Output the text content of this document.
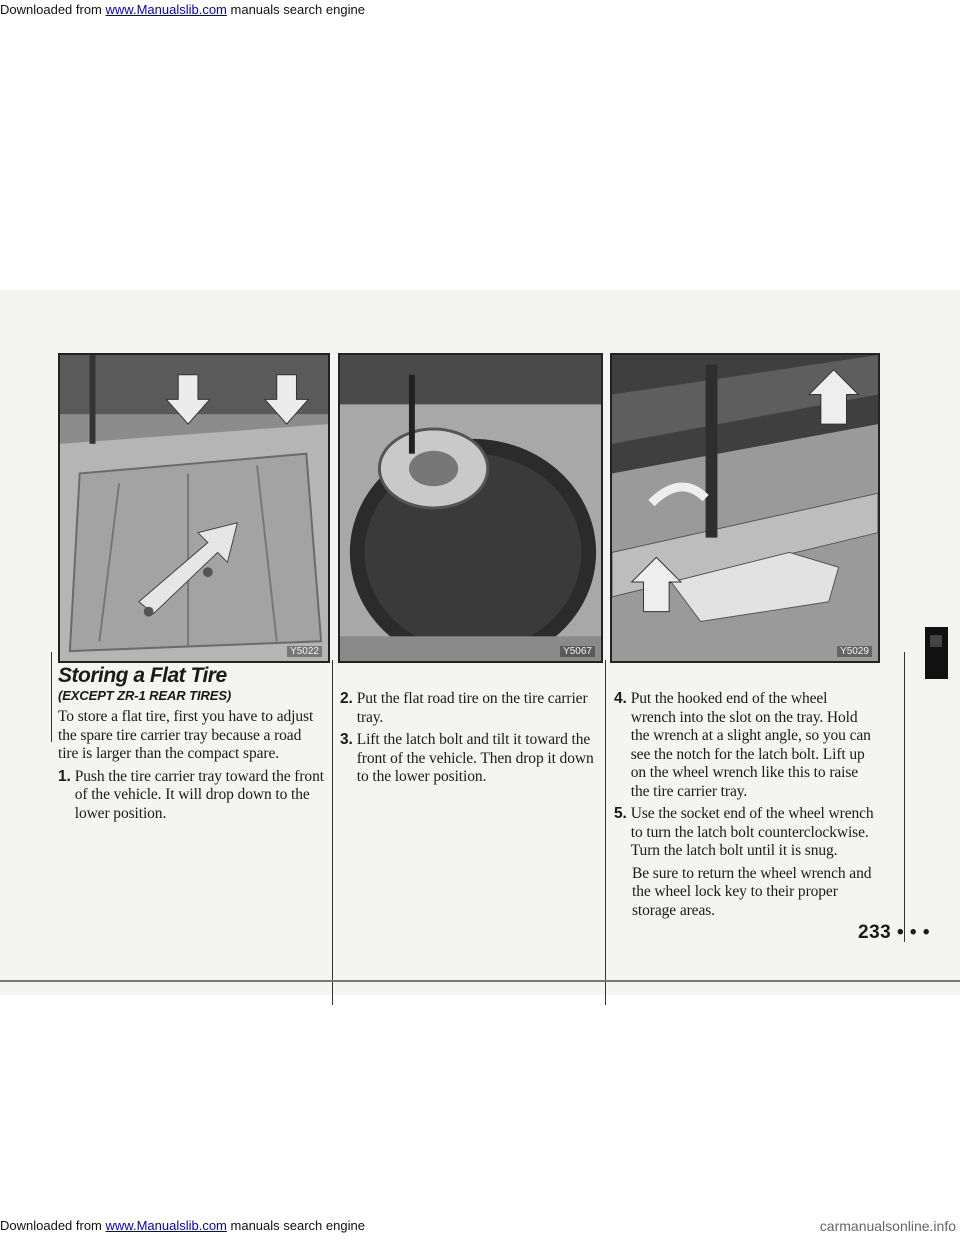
Downloaded from www.Manualslib.com manuals search engine
Y5022	Y5067	Y5029
Storing a Flat Tire
(EXCEPT ZR-1 REAR TIRES)

To store a flat tire, first you have to adjust the spare tire carrier tray because a road tire is larger than the compact spare.

1. Push the tire carrier tray toward the front of the vehicle. It will drop down to the lower position.
2. Put the flat road tire on the tire carrier tray.
3. Lift the latch bolt and tilt it toward the front of the vehicle. Then drop it down to the lower position.
4. Put the hooked end of the wheel wrench into the slot on the tray. Hold the wrench at a slight angle, so you can see the notch for the latch bolt. Lift up on the wheel wrench like this to raise the tire carrier tray.
5. Use the socket end of the wheel wrench to turn the latch bolt counterclockwise. Turn the latch bolt until it is snug.

Be sure to return the wheel wrench and the wheel lock key to their proper storage areas.

233 • • •
Downloaded from www.Manualslib.com manuals search engine	carmanualsonline.info
